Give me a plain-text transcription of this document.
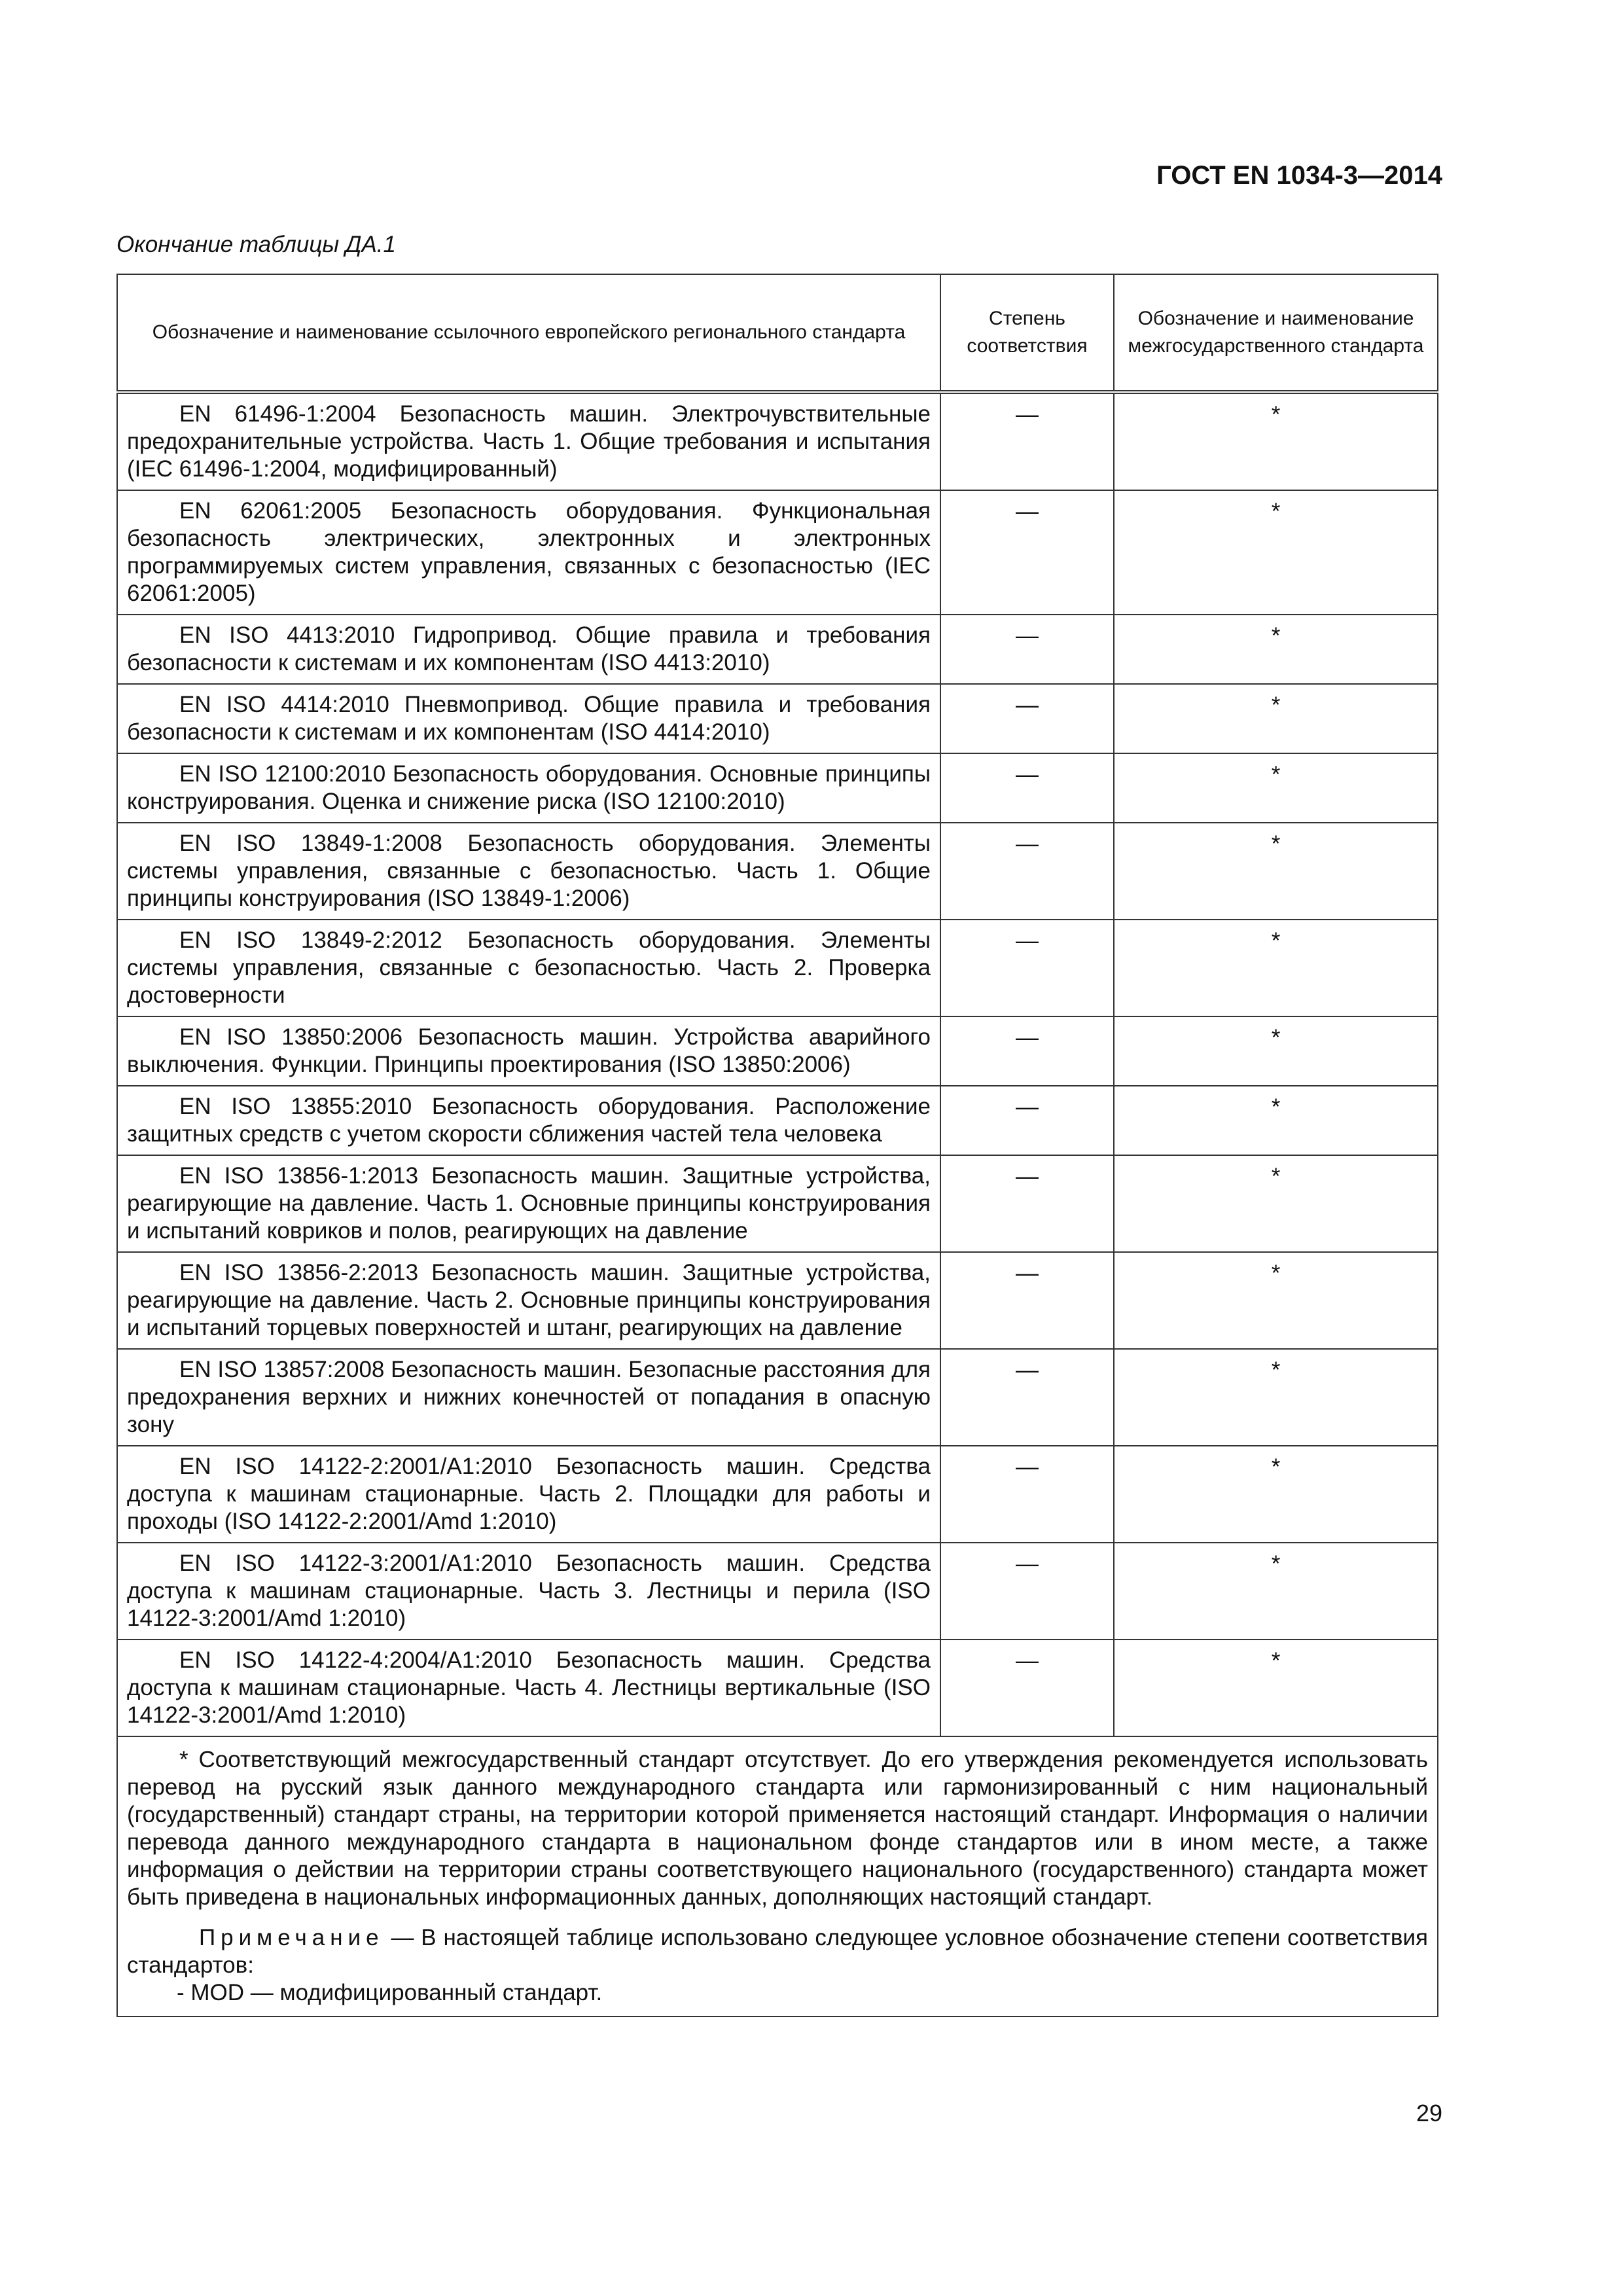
ГОСТ EN 1034-3—2014
Окончание таблицы ДА.1
Обозначение и наименование ссылочного европейского регионального стандарта	Степень соответствия	Обозначение и наименование межгосударственного стандарта
EN 61496-1:2004 Безопасность машин. Электрочувствительные предохранительные устройства. Часть 1. Общие требования и испытания (IEC 61496-1:2004, модифицированный)	—	*
EN 62061:2005 Безопасность оборудования. Функциональная безопасность электрических, электронных и электронных программируемых систем управления, связанных с безопасностью (IEC 62061:2005)	—	*
EN ISO 4413:2010 Гидропривод. Общие правила и требования безопасности к системам и их компонентам (ISO 4413:2010)	—	*
EN ISO 4414:2010 Пневмопривод. Общие правила и требования безопасности к системам и их компонентам (ISO 4414:2010)	—	*
EN ISO 12100:2010 Безопасность оборудования. Основные принципы конструирования. Оценка и снижение риска (ISO 12100:2010)	—	*
EN ISO 13849-1:2008 Безопасность оборудования. Элементы системы управления, связанные с безопасностью. Часть 1. Общие принципы конструирования (ISO 13849-1:2006)	—	*
EN ISO 13849-2:2012 Безопасность оборудования. Элементы системы управления, связанные с безопасностью. Часть 2. Проверка достоверности	—	*
EN ISO 13850:2006 Безопасность машин. Устройства аварийного выключения. Функции. Принципы проектирования (ISO 13850:2006)	—	*
EN ISO 13855:2010 Безопасность оборудования. Расположение защитных средств с учетом скорости сближения частей тела человека	—	*
EN ISO 13856-1:2013 Безопасность машин. Защитные устройства, реагирующие на давление. Часть 1. Основные принципы конструирования и испытаний ковриков и полов, реагирующих на давление	—	*
EN ISO 13856-2:2013 Безопасность машин. Защитные устройства, реагирующие на давление. Часть 2. Основные принципы конструирования и испытаний торцевых поверхностей и штанг, реагирующих на давление	—	*
EN ISO 13857:2008 Безопасность машин. Безопасные расстояния для предохранения верхних и нижних конечностей от попадания в опасную зону	—	*
EN ISO 14122-2:2001/A1:2010 Безопасность машин. Средства доступа к машинам стационарные. Часть 2. Площадки для работы и проходы (ISO 14122-2:2001/Amd 1:2010)	—	*
EN ISO 14122-3:2001/A1:2010 Безопасность машин. Средства доступа к машинам стационарные. Часть 3. Лестницы и перила (ISO 14122-3:2001/Amd 1:2010)	—	*
EN ISO 14122-4:2004/A1:2010 Безопасность машин. Средства доступа к машинам стационарные. Часть 4. Лестницы вертикальные (ISO 14122-3:2001/Amd 1:2010)	—	*

* Соответствующий межгосударственный стандарт отсутствует. До его утверждения рекомендуется использовать перевод на русский язык данного международного стандарта или гармонизированный с ним национальный (государственный) стандарт страны, на территории которой применяется настоящий стандарт. Информация о наличии перевода данного международного стандарта в национальном фонде стандартов или в ином месте, а также информация о действии на территории страны соответствующего национального (государственного) стандарта может быть приведена в национальных информационных данных, дополняющих настоящий стандарт.

Примечание — В настоящей таблице использовано следующее условное обозначение степени соответствия стандартов:

- MOD — модифицированный стандарт.		

29
